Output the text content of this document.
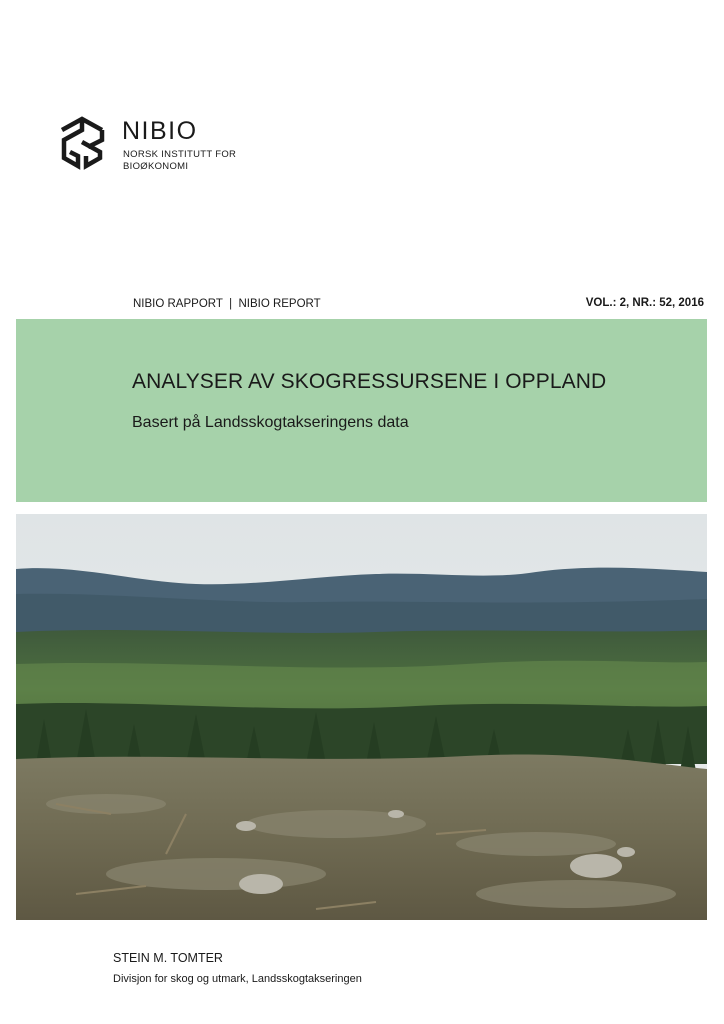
NIBIO
NORSK INSTITUTT FOR
BIOØKONOMI
NIBIO RAPPORT  |  NIBIO REPORT	VOL.: 2, NR.: 52, 2016
ANALYSER AV SKOGRESSURSENE I OPPLAND
Basert på Landsskogtakseringens data
STEIN M. TOMTER
Divisjon for skog og utmark, Landsskogtakseringen
